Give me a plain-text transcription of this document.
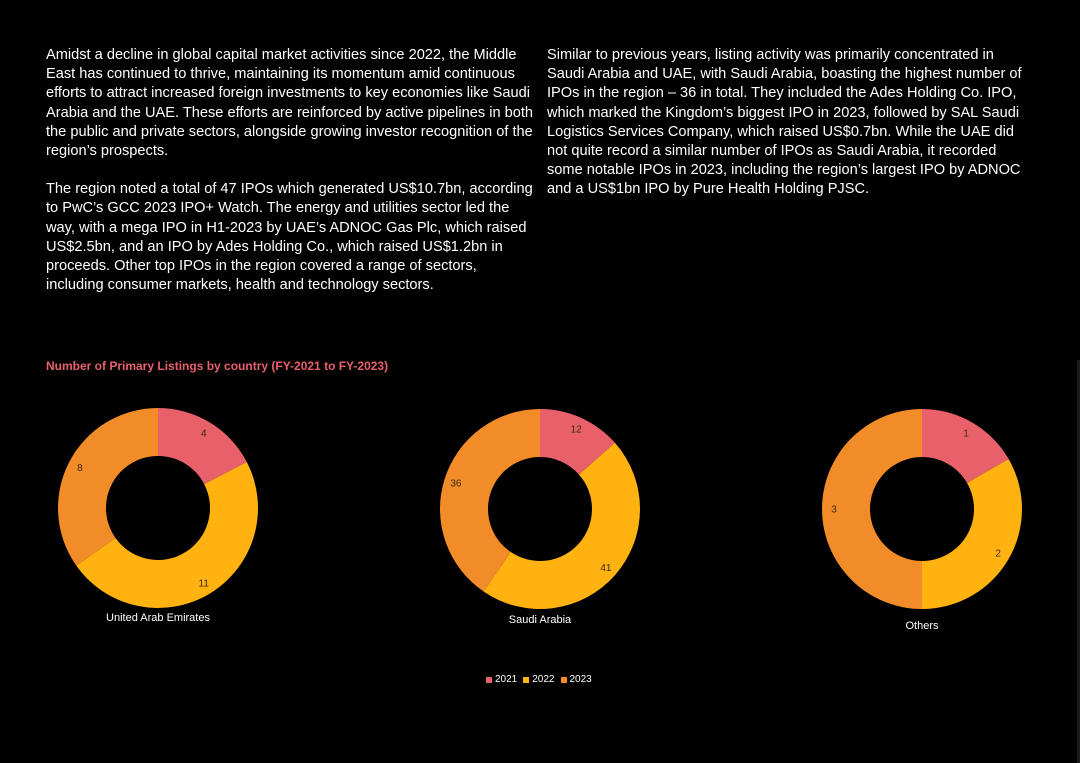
Amidst a decline in global capital market activities since 2022, the Middle East has continued to thrive, maintaining its momentum amid continuous efforts to attract increased foreign investments to key economies like Saudi Arabia and the UAE. These efforts are reinforced by active pipelines in both the public and private sectors, alongside growing investor recognition of the region’s prospects.

The region noted a total of 47 IPOs which generated US$10.7bn, according to PwC’s GCC 2023 IPO+ Watch. The energy and utilities sector led the way, with a mega IPO in H1-2023 by UAE’s ADNOC Gas Plc, which raised US$2.5bn, and an IPO by Ades Holding Co., which raised US$1.2bn in proceeds. Other top IPOs in the region covered a range of sectors, including consumer markets, health and technology sectors.

Similar to previous years, listing activity was primarily concentrated in Saudi Arabia and UAE, with Saudi Arabia, boasting the highest number of IPOs in the region – 36 in total. They included the Ades Holding Co. IPO, which marked the Kingdom’s biggest IPO in 2023, followed by SAL Saudi Logistics Services Company, which raised US$0.7bn. While the UAE did not quite record a similar number of IPOs as Saudi Arabia, it recorded some notable IPOs in 2023, including the region’s largest IPO by ADNOC and a US$1bn IPO by Pure Health Holding PJSC.

Number of Primary Listings by country (FY-2021 to FY-2023)
4
11
8
United Arab Emirates
12
41
36
Saudi Arabia
1
2
3
Others
2021 2022 2023
